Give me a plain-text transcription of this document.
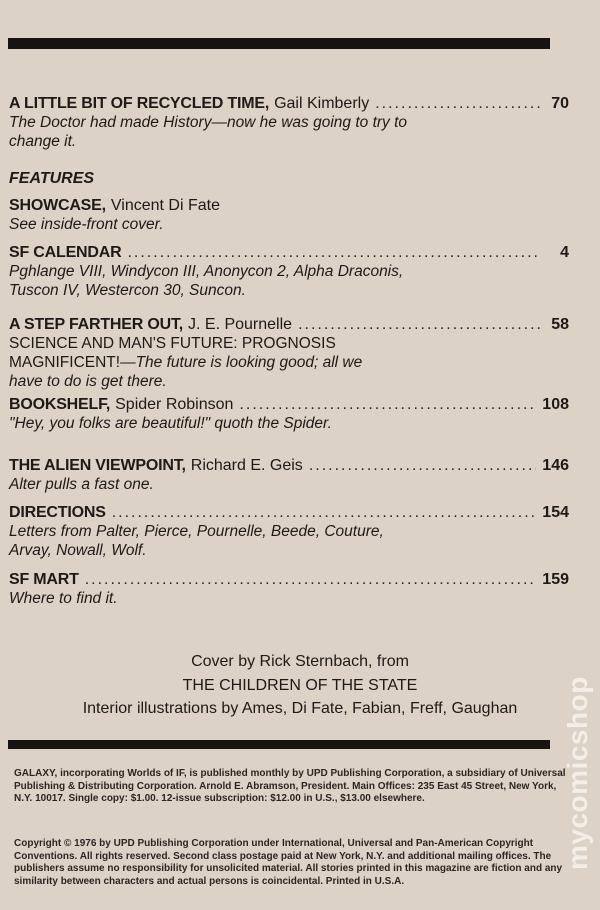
A LITTLE BIT OF RECYCLED TIME, Gail Kimberly .....	70
The Doctor had made History—now he was going to try to change it.
FEATURES
SHOWCASE, Vincent Di Fate
See inside-front cover.
SF CALENDAR .....	4
Pghlange VIII, Windycon III, Anonycon 2, Alpha Draconis, Tuscon IV, Westercon 30, Suncon.
A STEP FARTHER OUT, J. E. Pournelle .....	58
SCIENCE AND MAN'S FUTURE: PROGNOSIS MAGNIFICENT!—The future is looking good; all we have to do is get there.
BOOKSHELF, Spider Robinson .....	108
"Hey, you folks are beautiful!" quoth the Spider.
THE ALIEN VIEWPOINT, Richard E. Geis .....	146
Alter pulls a fast one.
DIRECTIONS .....	154
Letters from Palter, Pierce, Pournelle, Beede, Couture, Arvay, Nowall, Wolf.
SF MART .....	159
Where to find it.
Cover by Rick Sternbach, from
THE CHILDREN OF THE STATE
Interior illustrations by Ames, Di Fate, Fabian, Freff, Gaughan
GALAXY, incorporating Worlds of IF, is published monthly by UPD Publishing Corporation, a subsidiary of Universal Publishing & Distributing Corporation. Arnold E. Abramson, President. Main Offices: 235 East 45 Street, New York, N.Y. 10017. Single copy: $1.00. 12-issue subscription: $12.00 in U.S., $13.00 elsewhere.
Copyright © 1976 by UPD Publishing Corporation under International, Universal and Pan-American Copyright Conventions. All rights reserved. Second class postage paid at New York, N.Y. and additional mailing offices. The publishers assume no responsibility for unsolicited material. All stories printed in this magazine are fiction and any similarity between characters and actual persons is coincidental. Printed in U.S.A.
mycomicshop
